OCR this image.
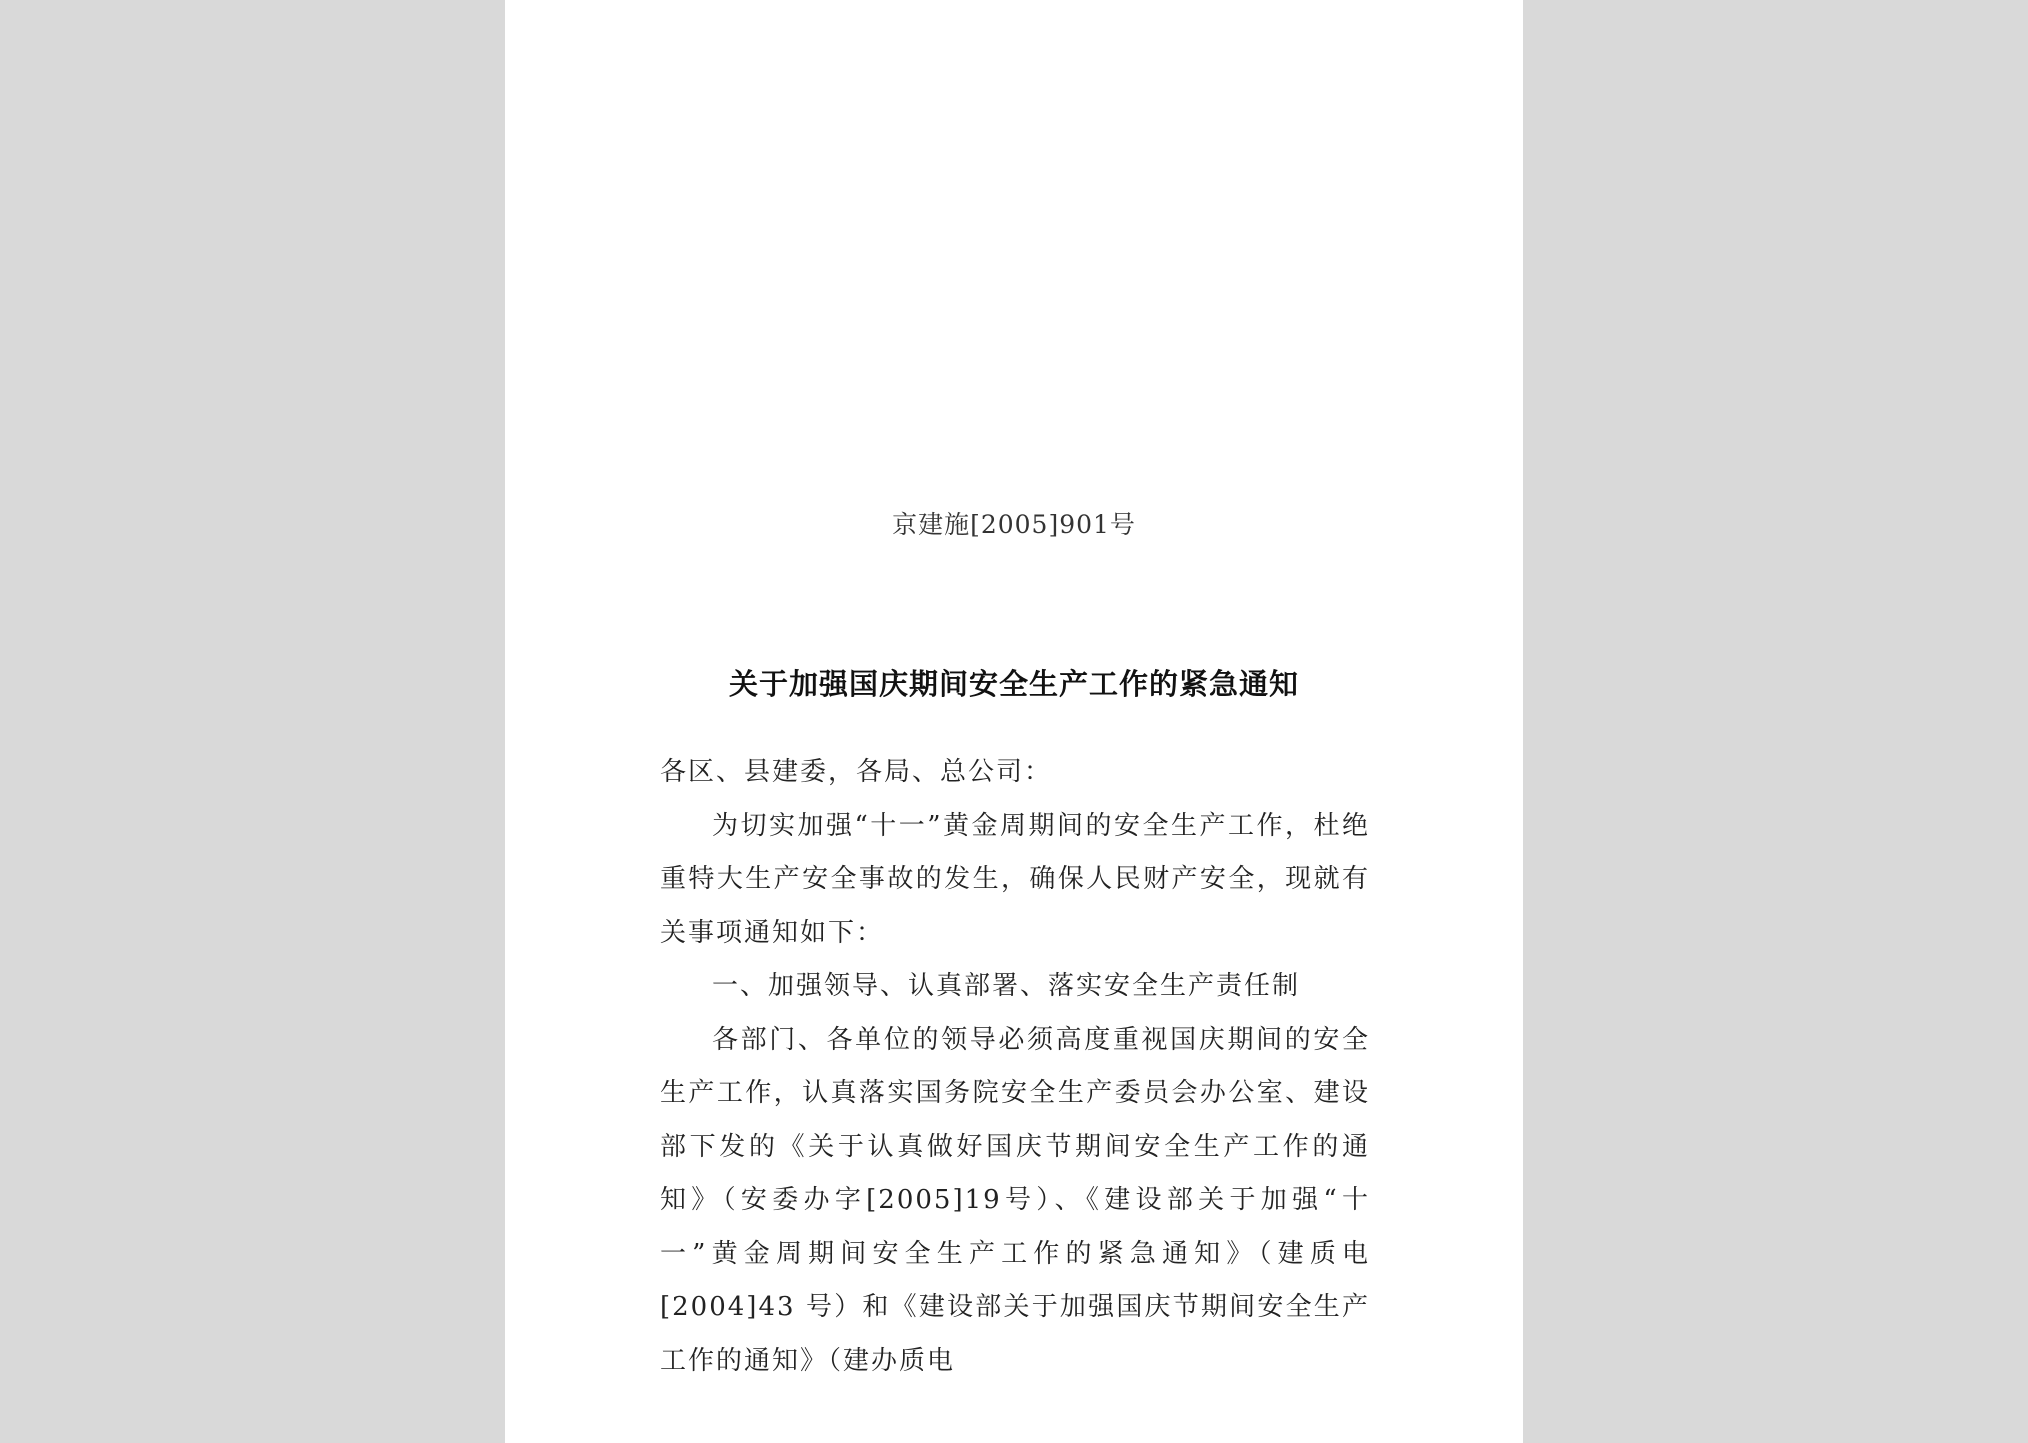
京建施[2005]901号
关于加强国庆期间安全生产工作的紧急通知

各区、县建委，各局、总公司：

为切实加强“十一”黄金周期间的安全生产工作，杜绝重特大生产安全事故的发生，确保人民财产安全，现就有关事项通知如下：

一、加强领导、认真部署、落实安全生产责任制

各部门、各单位的领导必须高度重视国庆期间的安全生产工作，认真落实国务院安全生产委员会办公室、建设部下发的《关于认真做好国庆节期间安全生产工作的通知》（安委办字[2005]19号）、《建设部关于加强“十一”黄金周期间安全生产工作的紧急通知》（建质电[2004]43 号）和《建设部关于加强国庆节期间安全生产工作的通知》（建办质电
